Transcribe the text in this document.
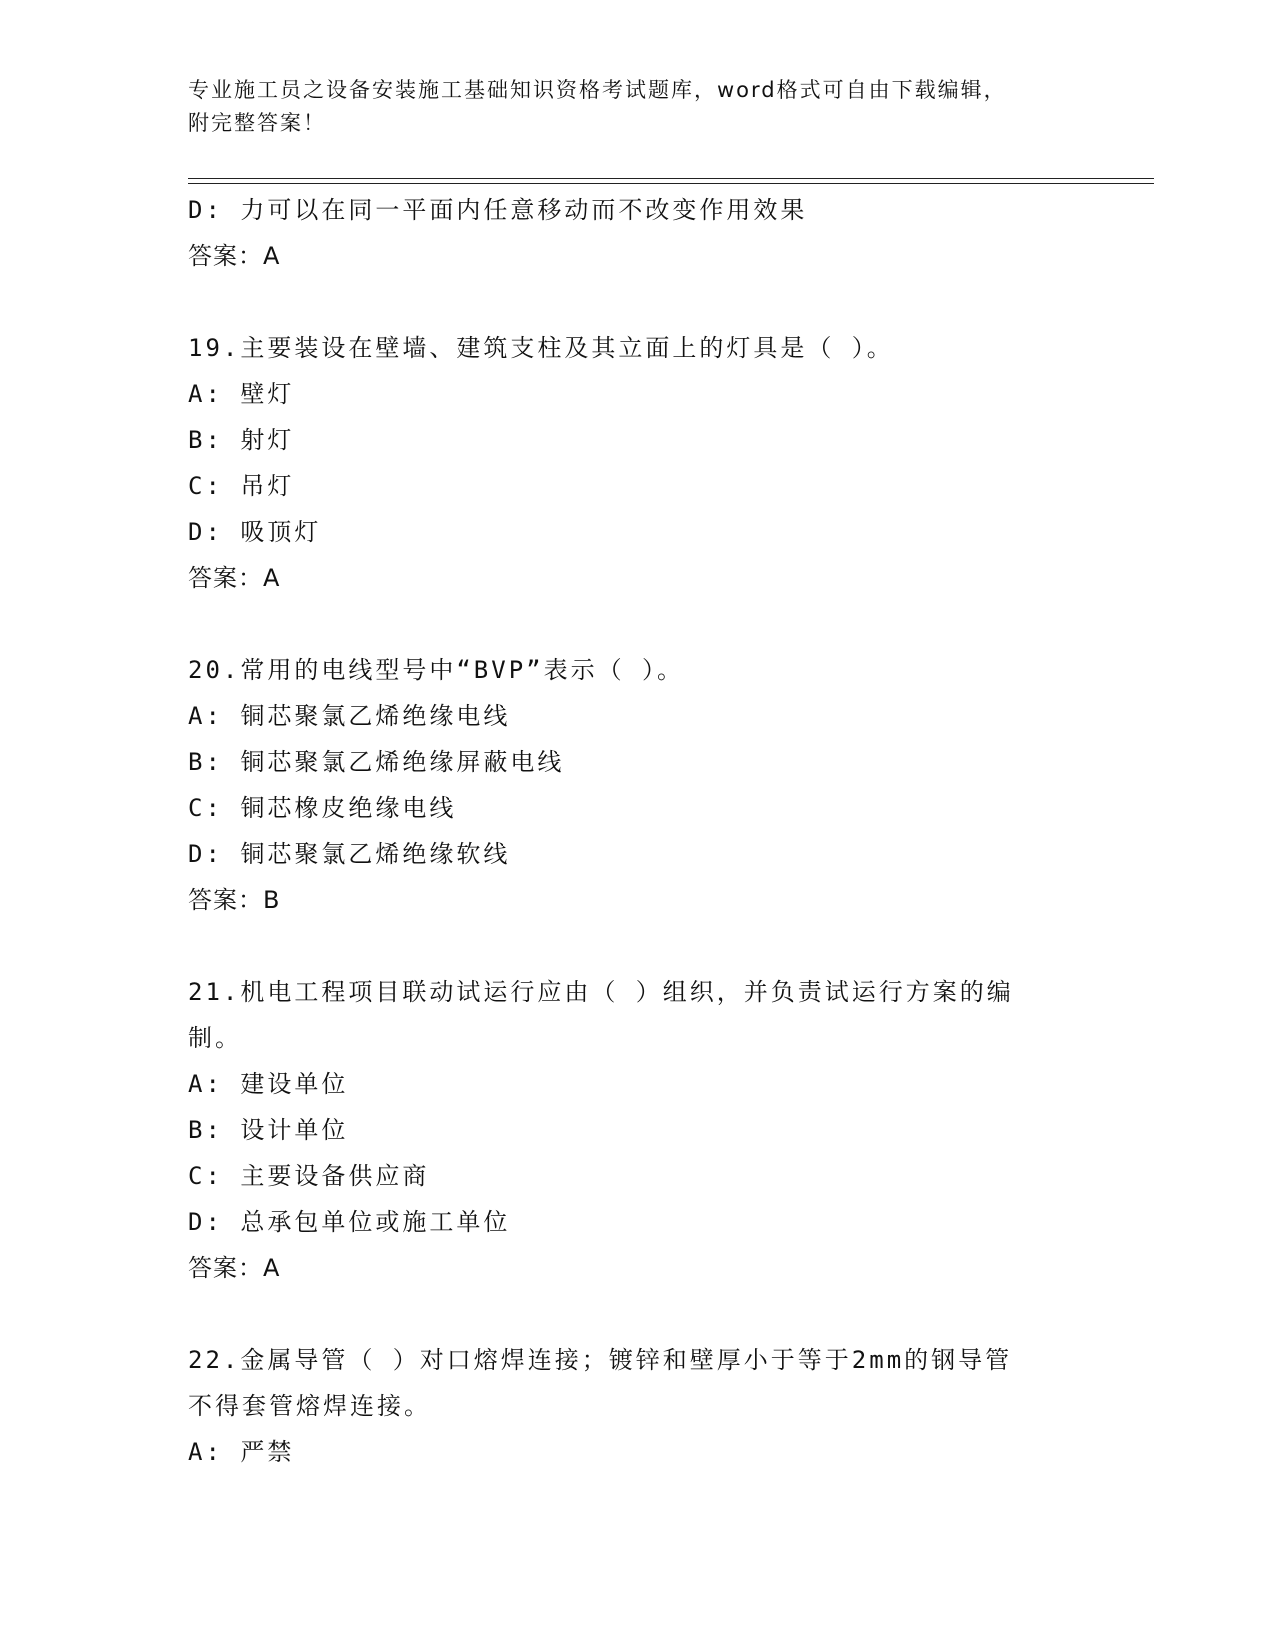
专业施工员之设备安装施工基础知识资格考试题库，word格式可自由下载编辑，
附完整答案！
D: 力可以在同一平面内任意移动而不改变作用效果
答案：A
19.主要装设在壁墙、建筑支柱及其立面上的灯具是（ ）。
A: 壁灯
B: 射灯
C: 吊灯
D: 吸顶灯
答案：A
20.常用的电线型号中“BVP”表示（ ）。
A: 铜芯聚氯乙烯绝缘电线
B: 铜芯聚氯乙烯绝缘屏蔽电线
C: 铜芯橡皮绝缘电线
D: 铜芯聚氯乙烯绝缘软线
答案：B
21.机电工程项目联动试运行应由（ ）组织，并负责试运行方案的编
制。
A: 建设单位
B: 设计单位
C: 主要设备供应商
D: 总承包单位或施工单位
答案：A
22.金属导管（ ）对口熔焊连接；镀锌和壁厚小于等于2mm的钢导管
不得套管熔焊连接。
A: 严禁
